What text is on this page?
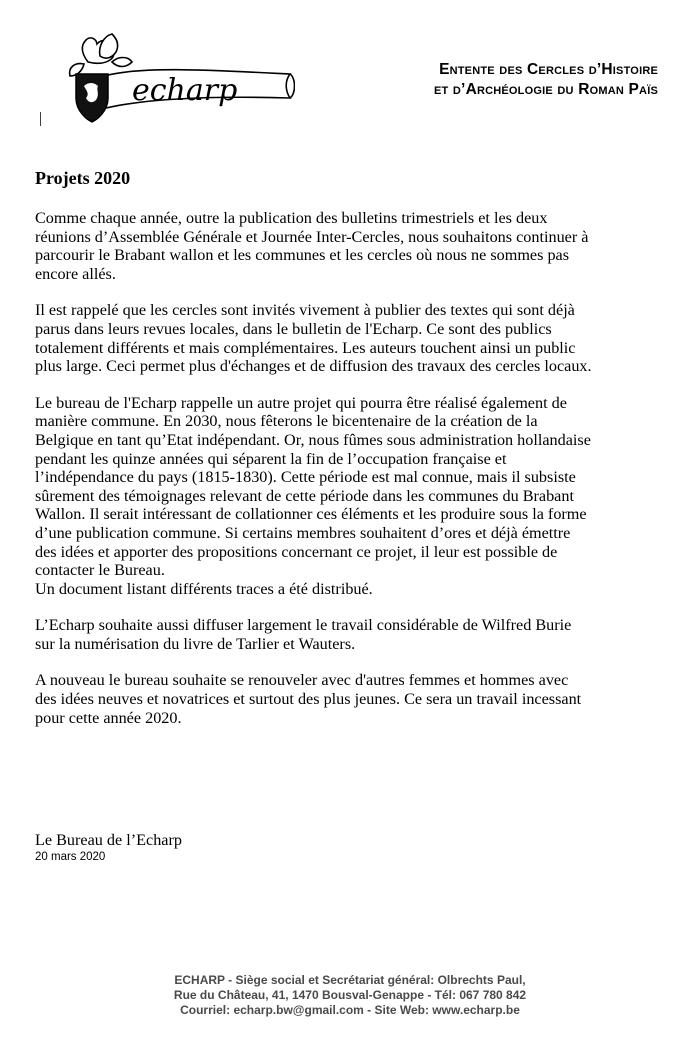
echarp
Entente des Cercles d’Histoire
et d’Archéologie du Roman Païs
Projets 2020

Comme chaque année, outre la publication des bulletins trimestriels et les deux
réunions d’Assemblée Générale et Journée Inter-Cercles, nous souhaitons continuer à
parcourir le Brabant wallon et les communes et les cercles où nous ne sommes pas
encore allés.

Il est rappelé que les cercles sont invités vivement à publier des textes qui sont déjà
parus dans leurs revues locales, dans le bulletin de l'Echarp. Ce sont des publics
totalement différents et mais complémentaires. Les auteurs touchent ainsi un public
plus large. Ceci permet plus d'échanges et de diffusion des travaux des cercles locaux.

Le bureau de l'Echarp rappelle un autre projet qui pourra être réalisé également de
manière commune. En 2030, nous fêterons le bicentenaire de la création de la
Belgique en tant qu’Etat indépendant. Or, nous fûmes sous administration hollandaise
pendant les quinze années qui séparent la fin de l’occupation française et
l’indépendance du pays (1815-1830). Cette période est mal connue, mais il subsiste
sûrement des témoignages relevant de cette période dans les communes du Brabant
Wallon. Il serait intéressant de collationner ces éléments et les produire sous la forme
d’une publication commune. Si certains membres souhaitent d’ores et déjà émettre
des idées et apporter des propositions concernant ce projet, il leur est possible de
contacter le Bureau.
Un document listant différents traces a été distribué.

L’Echarp souhaite aussi diffuser largement le travail considérable de Wilfred Burie
sur la numérisation du livre de Tarlier et Wauters.

A nouveau le bureau souhaite se renouveler avec d'autres femmes et hommes avec
des idées neuves et novatrices et surtout des plus jeunes. Ce sera un travail incessant
pour cette année 2020.

Le Bureau de l’Echarp
20 mars 2020
ECHARP - Siège social et Secrétariat général: Olbrechts Paul,
Rue du Château, 41, 1470 Bousval-Genappe - Tél: 067 780 842
Courriel: echarp.bw@gmail.com - Site Web: www.echarp.be
